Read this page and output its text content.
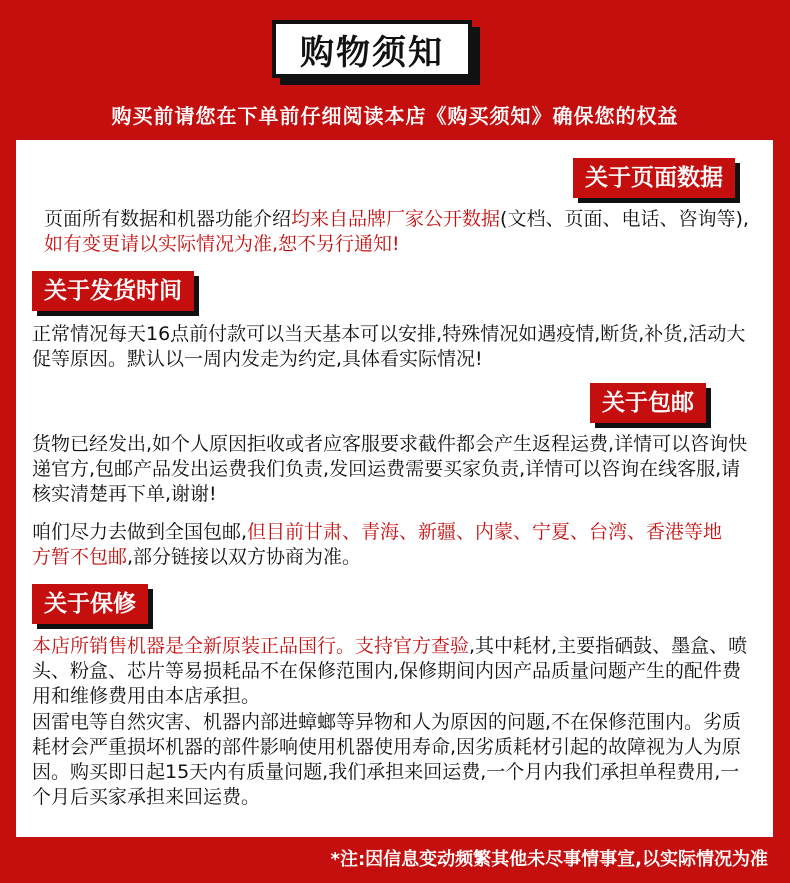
购物须知
购买前请您在下单前仔细阅读本店《购买须知》确保您的权益
关于页面数据

页面所有数据和机器功能介绍均来自品牌厂家公开数据(文档、页面、电话、咨询等),如有变更请以实际情况为准,恕不另行通知!

关于发货时间

正常情况每天16点前付款可以当天基本可以安排,特殊情况如遇疫情,断货,补货,活动大促等原因。默认以一周内发走为约定,具体看实际情况!

关于包邮

货物已经发出,如个人原因拒收或者应客服要求截件都会产生返程运费,详情可以咨询快递官方,包邮产品发出运费我们负责,发回运费需要买家负责,详情可以咨询在线客服,请核实清楚再下单,谢谢!

咱们尽力去做到全国包邮,但目前甘肃、青海、新疆、内蒙、宁夏、台湾、香港等地方暂不包邮,部分链接以双方协商为准。

关于保修

本店所销售机器是全新原装正品国行。支持官方查验,其中耗材,主要指硒鼓、墨盒、喷头、粉盒、芯片等易损耗品不在保修范围内,保修期间内因产品质量问题产生的配件费用和维修费用由本店承担。

因雷电等自然灾害、机器内部进蟑螂等异物和人为原因的问题,不在保修范围内。劣质耗材会严重损坏机器的部件影响使用机器使用寿命,因劣质耗材引起的故障视为人为原因。购买即日起15天内有质量问题,我们承担来回运费,一个月内我们承担单程费用,一个月后买家承担来回运费。

*注:因信息变动频繁其他未尽事情事宣,以实际情况为准
